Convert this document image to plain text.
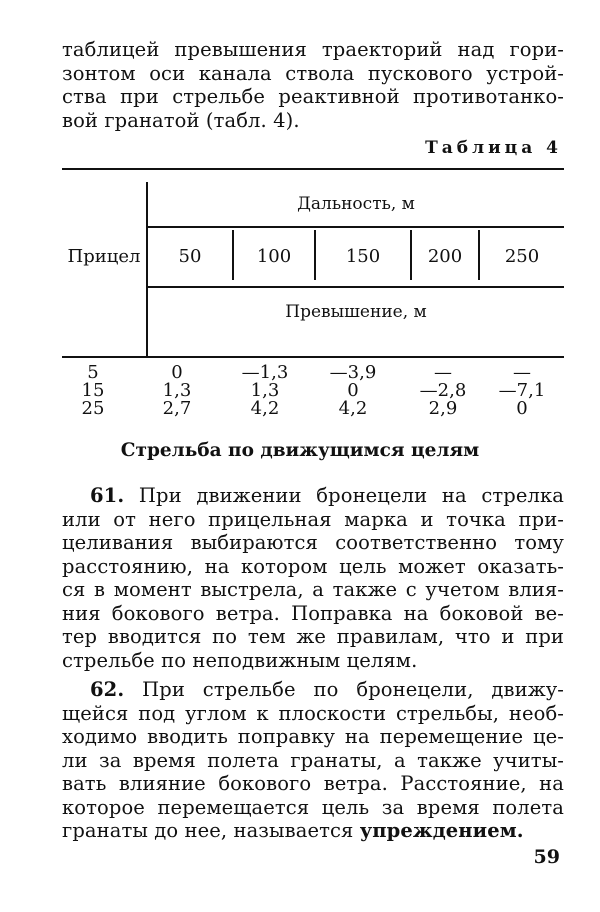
таблицей превышения траекторий над гори-
зонтом оси канала ствола пускового устрой-
ства при стрельбе реактивной противотанко-
вой гранатой (табл. 4).
Таблица 4
Дальность, м
Прицел	50	100	150	200	250
Превышение, м
5	0	—1,3	—3,9	—	—
15	1,3	1,3	0	—2,8	—7,1
25	2,7	4,2	4,2	2,9	0
Стрельба по движущимся целям
61. При движении бронецели на стрелка
или от него прицельная марка и точка при-
целивания выбираются соответственно тому
расстоянию, на котором цель может оказать-
ся в момент выстрела, а также с учетом влия-
ния бокового ветра. Поправка на боковой ве-
тер вводится по тем же правилам, что и при
стрельбе по неподвижным целям.
62. При стрельбе по бронецели, движу-
щейся под углом к плоскости стрельбы, необ-
ходимо вводить поправку на перемещение це-
ли за время полета гранаты, а также учиты-
вать влияние бокового ветра. Расстояние, на
которое перемещается цель за время полета
гранаты до нее, называется упреждением.
59
